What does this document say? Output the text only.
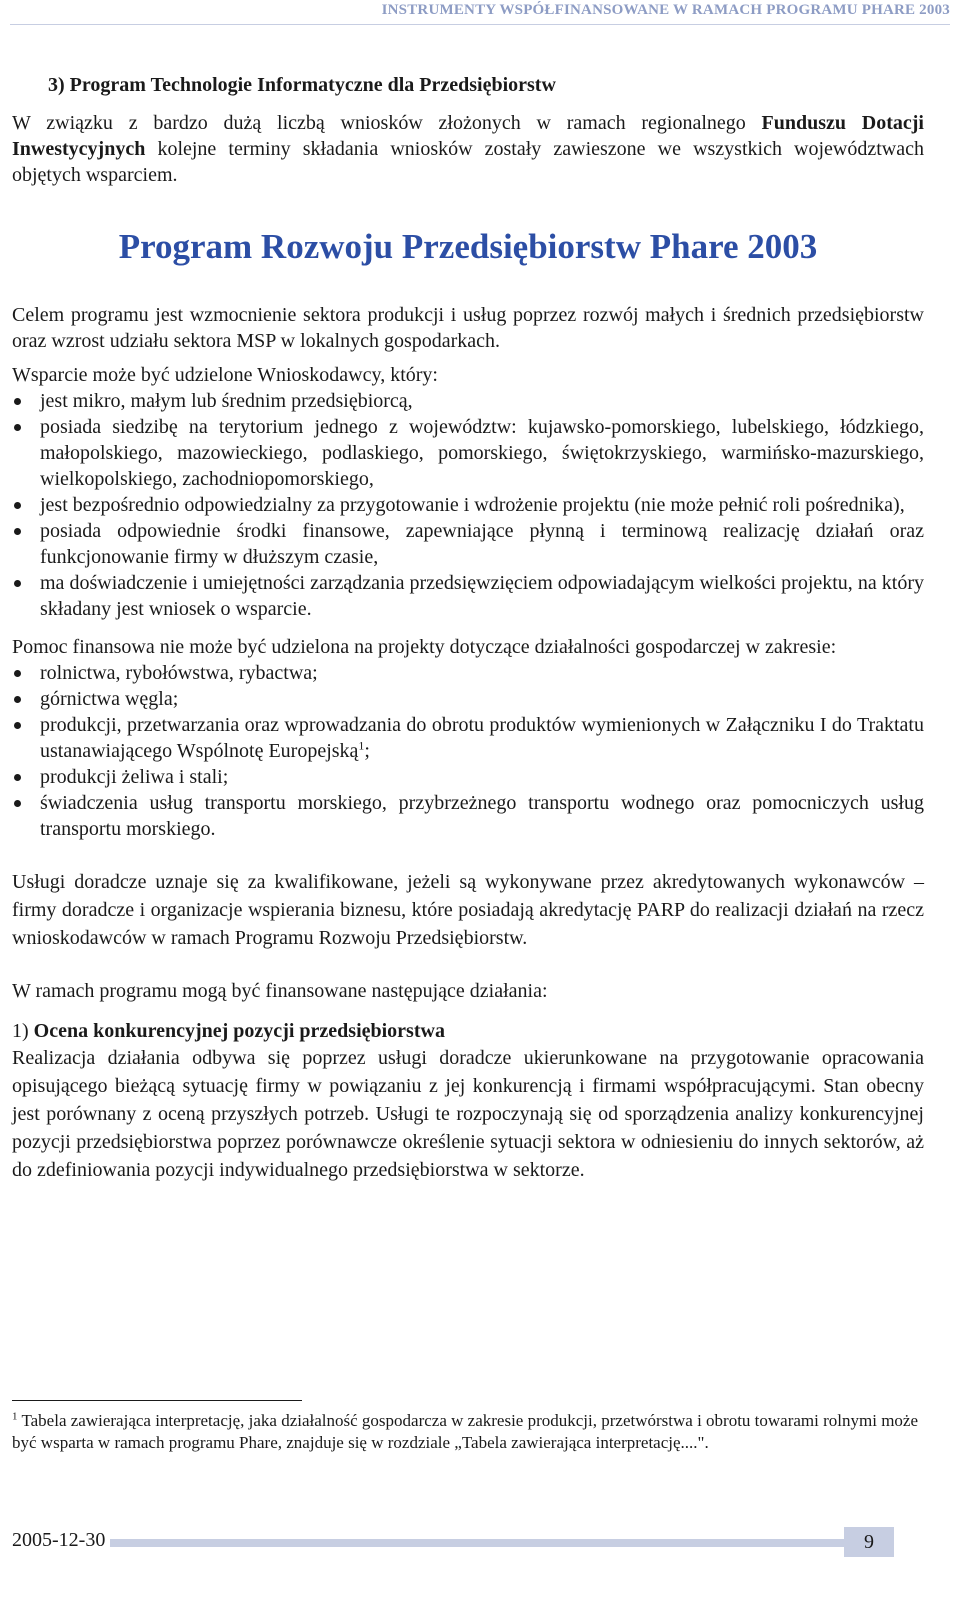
INSTRUMENTY WSPÓŁFINANSOWANE W RAMACH PROGRAMU PHARE 2003
3) Program Technologie Informatyczne dla Przedsiębiorstw

W związku z bardzo dużą liczbą wniosków złożonych w ramach regionalnego Funduszu Dotacji Inwestycyjnych kolejne terminy składania wniosków zostały zawieszone we wszystkich województwach objętych wsparciem.

Program Rozwoju Przedsiębiorstw Phare 2003

Celem programu jest wzmocnienie sektora produkcji i usług poprzez rozwój małych i średnich przedsiębiorstw oraz wzrost udziału sektora MSP w lokalnych gospodarkach.

Wsparcie może być udzielone Wnioskodawcy, który:

jest mikro, małym lub średnim przedsiębiorcą,
posiada siedzibę na terytorium jednego z województw: kujawsko-pomorskiego, lubelskiego, łódzkiego, małopolskiego, mazowieckiego, podlaskiego, pomorskiego, świętokrzyskiego, warmińsko-mazurskiego, wielkopolskiego, zachodniopomorskiego,
jest bezpośrednio odpowiedzialny za przygotowanie i wdrożenie projektu (nie może pełnić roli pośrednika),
posiada odpowiednie środki finansowe, zapewniające płynną i terminową realizację działań oraz funkcjonowanie firmy w dłuższym czasie,
ma doświadczenie i umiejętności zarządzania przedsięwzięciem odpowiadającym wielkości projektu, na który składany jest wniosek o wsparcie.

Pomoc finansowa nie może być udzielona na projekty dotyczące działalności gospodarczej w zakresie:

rolnictwa, rybołówstwa, rybactwa;
górnictwa węgla;
produkcji, przetwarzania oraz wprowadzania do obrotu produktów wymienionych w Załączniku I do Traktatu ustanawiającego Wspólnotę Europejską$^1$;
produkcji żeliwa i stali;
świadczenia usług transportu morskiego, przybrzeżnego transportu wodnego oraz pomocniczych usług transportu morskiego.

Usługi doradcze uznaje się za kwalifikowane, jeżeli są wykonywane przez akredytowanych wykonawców – firmy doradcze i organizacje wspierania biznesu, które posiadają akredytację PARP do realizacji działań na rzecz wnioskodawców w ramach Programu Rozwoju Przedsiębiorstw.

W ramach programu mogą być finansowane następujące działania:

1) Ocena konkurencyjnej pozycji przedsiębiorstwa

Realizacja działania odbywa się poprzez usługi doradcze ukierunkowane na przygotowanie opracowania opisującego bieżącą sytuację firmy w powiązaniu z jej konkurencją i firmami współpracującymi. Stan obecny jest porównany z oceną przyszłych potrzeb. Usługi te rozpoczynają się od sporządzenia analizy konkurencyjnej pozycji przedsiębiorstwa poprzez porównawcze określenie sytuacji sektora w odniesieniu do innych sektorów, aż do zdefiniowania pozycji indywidualnego przedsiębiorstwa w sektorze.

$^1$ Tabela zawierająca interpretację, jaka działalność gospodarcza w zakresie produkcji, przetwórstwa i obrotu towarami rolnymi może być wsparta w ramach programu Phare, znajduje się w rozdziale „Tabela zawierająca interpretację....".
2005-12-30	9
